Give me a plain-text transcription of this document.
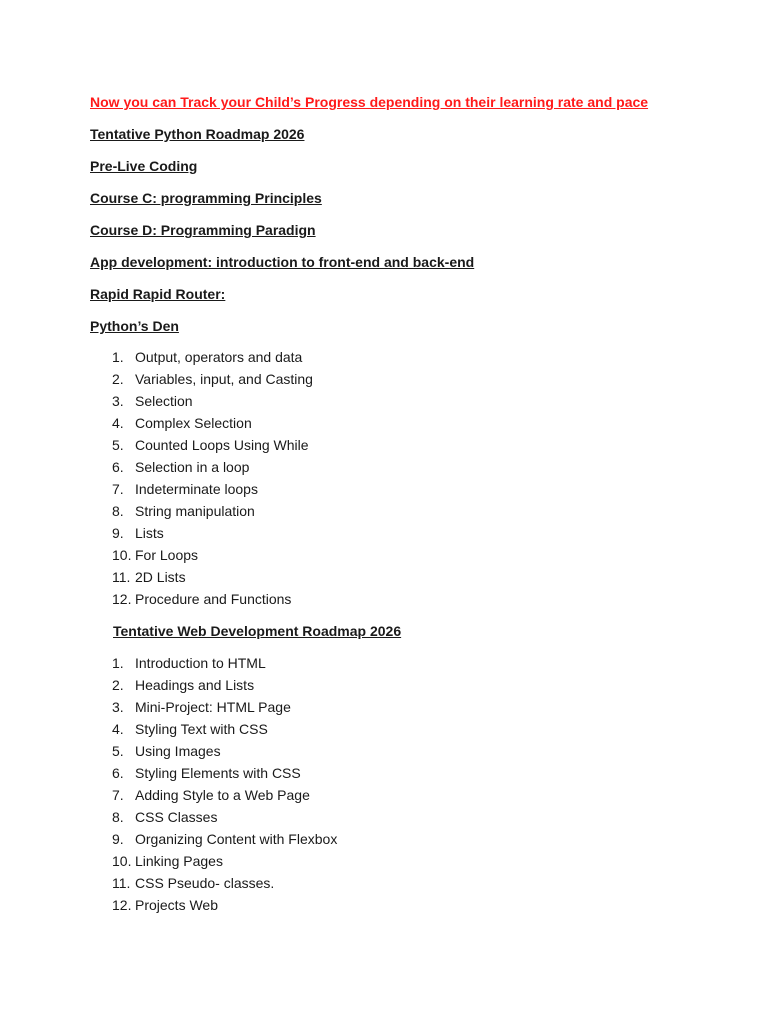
Now you can Track your Child’s Progress depending on their learning rate and pace
Tentative Python Roadmap 2026
Pre-Live Coding
Course C: programming Principles
Course D: Programming Paradign
App development: introduction to front-end and back-end
Rapid Rapid Router:
Python’s Den
1. Output, operators and data
2. Variables, input, and Casting
3. Selection
4. Complex Selection
5. Counted Loops Using While
6. Selection in a loop
7. Indeterminate loops
8. String manipulation
9. Lists
10. For Loops
11. 2D Lists
12. Procedure and Functions
Tentative Web Development Roadmap 2026
1. Introduction to HTML
2. Headings and Lists
3. Mini-Project: HTML Page
4. Styling Text with CSS
5. Using Images
6. Styling Elements with CSS
7. Adding Style to a Web Page
8. CSS Classes
9. Organizing Content with Flexbox
10. Linking Pages
11. CSS Pseudo- classes.
12. Projects Web
